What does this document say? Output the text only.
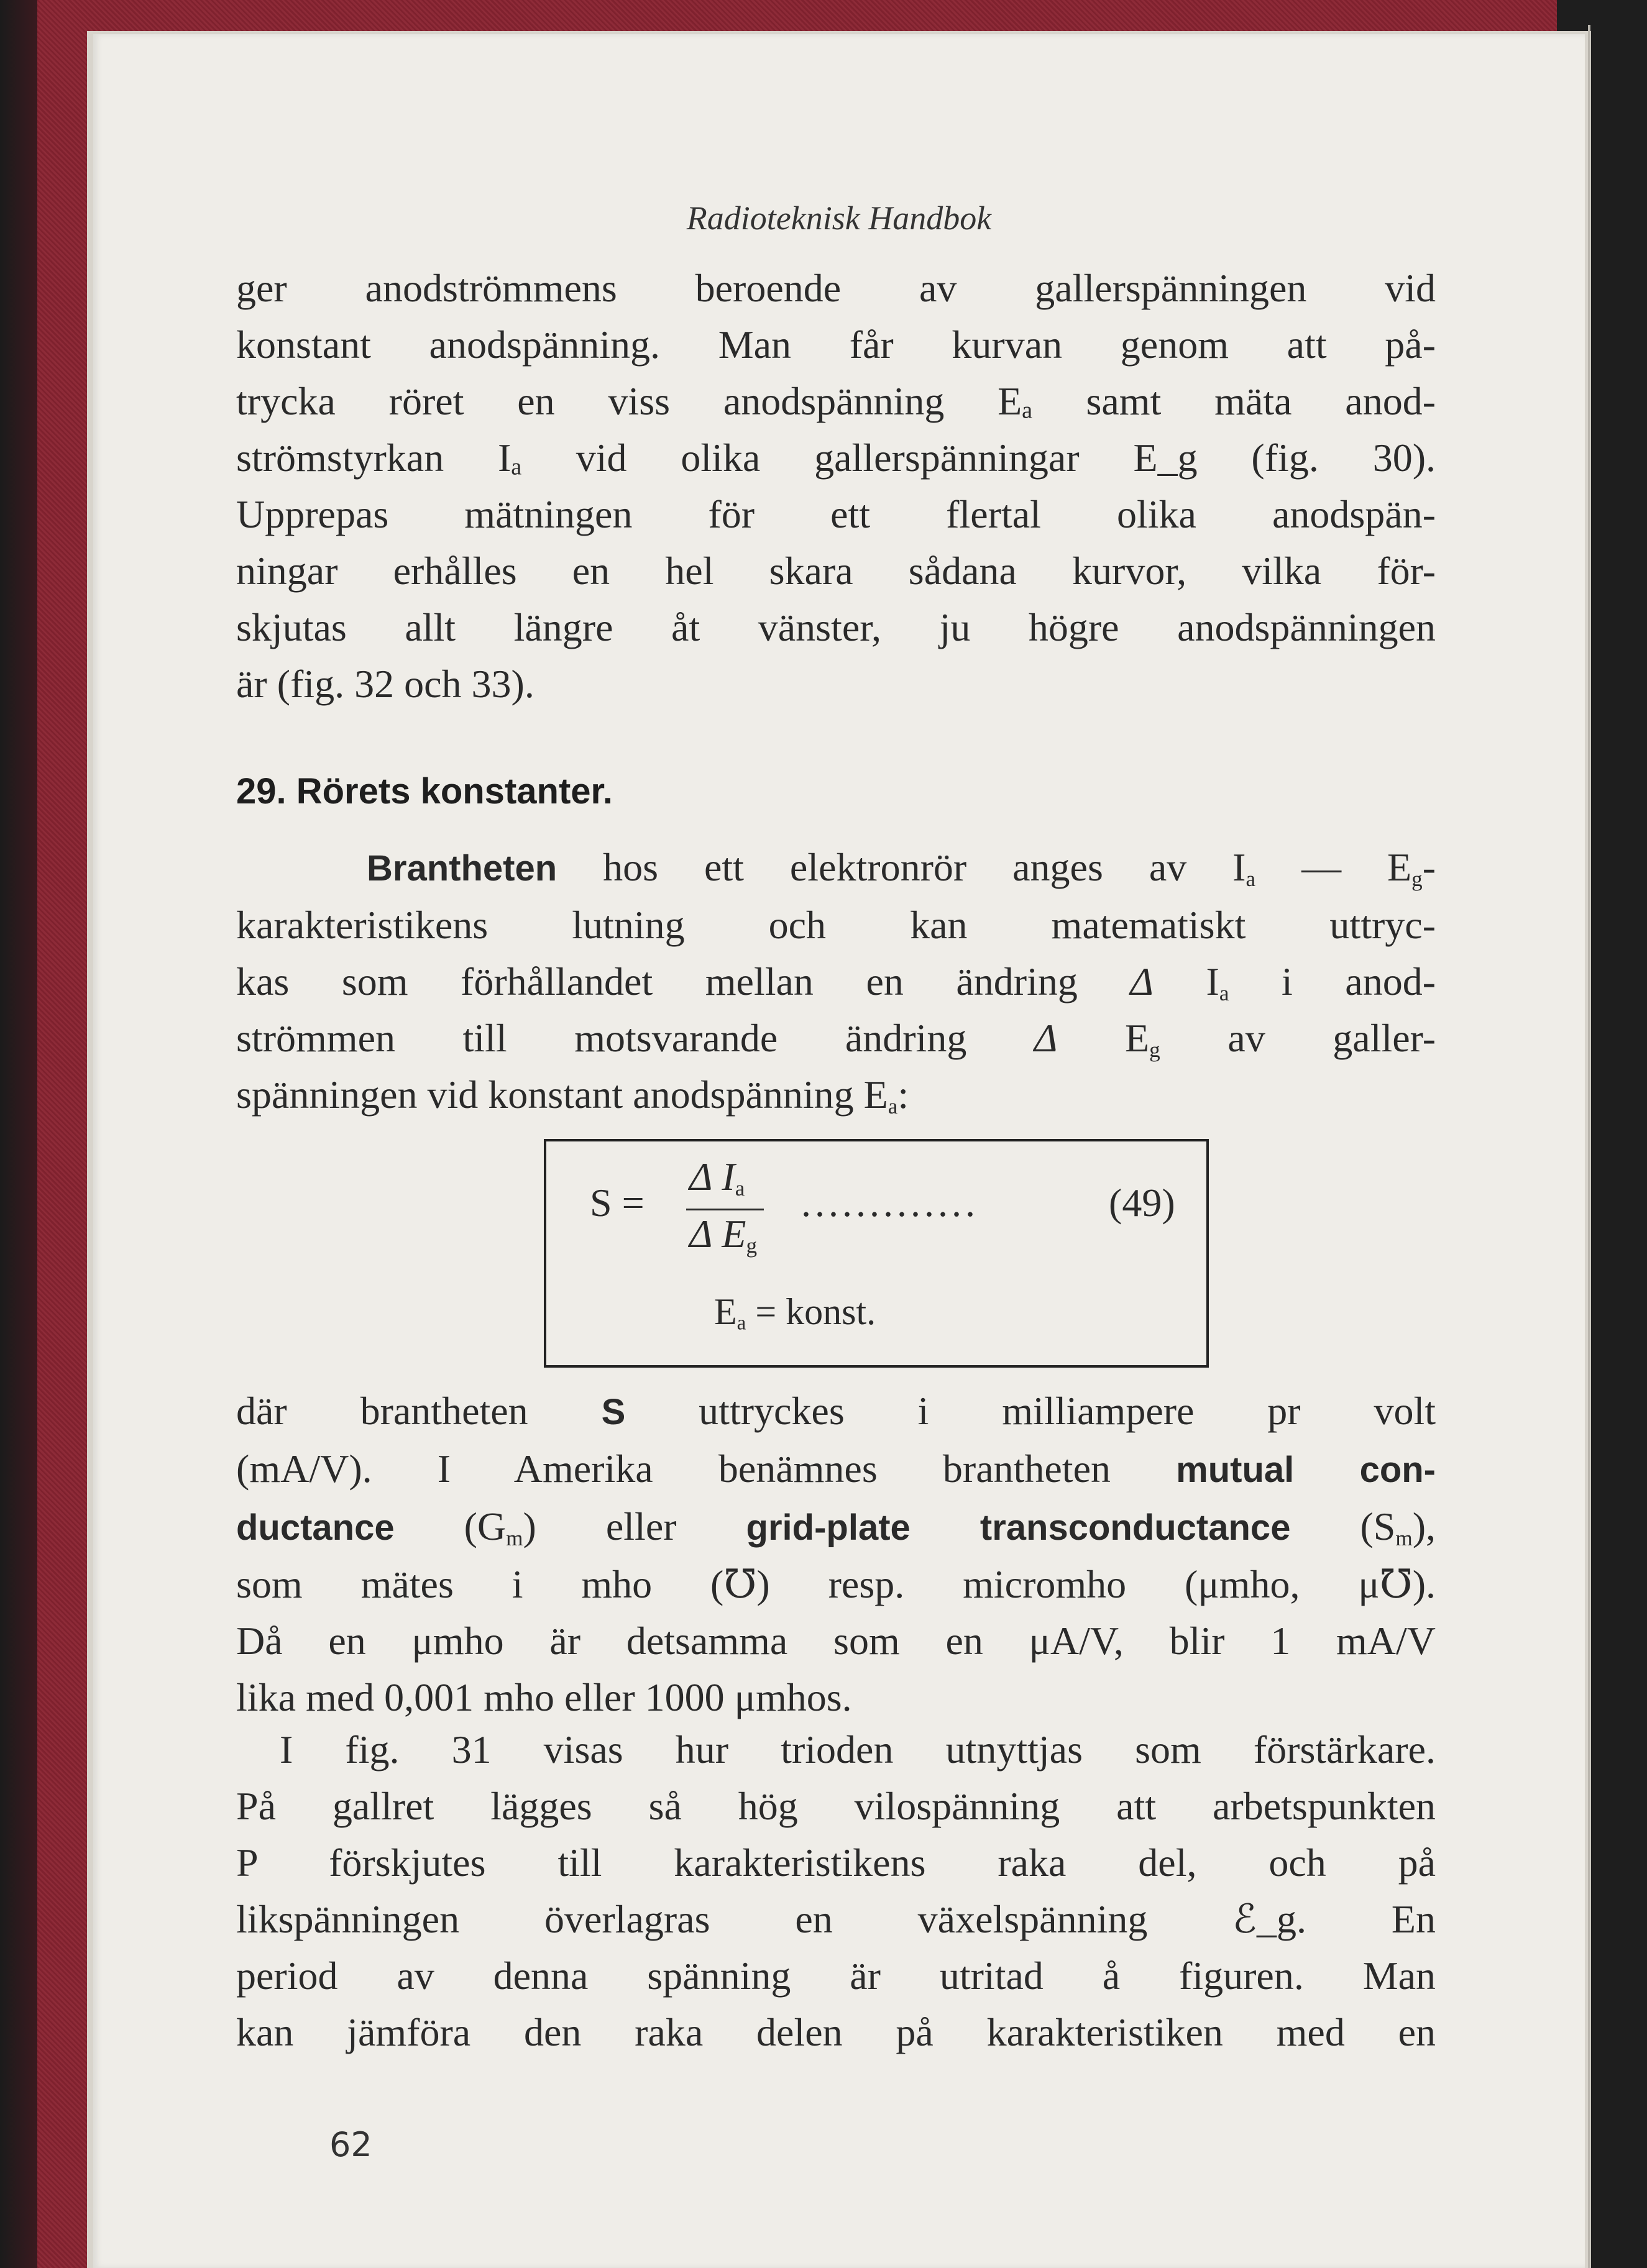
Radioteknisk Handbok
ger anodströmmens beroende av gallerspänningen vid
konstant anodspänning. Man får kurvan genom att på-
trycka röret en viss anodspänning Eₐ samt mäta anod-
strömstyrkan Iₐ vid olika gallerspänningar E_g (fig. 30).
Upprepas mätningen för ett flertal olika anodspän-
ningar erhålles en hel skara sådana kurvor, vilka för-
skjutas allt längre åt vänster, ju högre anodspänningen
är (fig. 32 och 33).
29. Rörets konstanter.
Brantheten hos ett elektronrör anges av $I_a$ — $E_g-$
karakteristikens lutning och kan matematiskt uttryc-
kas som förhållandet mellan en ändring Δ $I_a$ i anod-
strömmen till motsvarande ändring Δ $E_g$ av galler-
spänningen vid konstant anodspänning $E_a$:
S =
Δ $I_a$
Δ $E_g$
.............	(49)
$E_a$ = konst.
där brantheten S uttryckes i milliampere pr volt
(mA/V). I Amerika benämnes brantheten mutual con-
ductance $(G_m)$ eller grid-plate transconductance $(S_m)$,
som mätes i mho (℧) resp. micromho (μmho, μ℧).
Då en μmho är detsamma som en μA/V, blir 1 mA/V
lika med 0,001 mho eller 1000 μmhos.
I fig. 31 visas hur trioden utnyttjas som förstärkare.
På gallret lägges så hög vilospänning att arbetspunkten
P förskjutes till karakteristikens raka del, och på
likspänningen överlagras en växelspänning ℰ_g. En
period av denna spänning är utritad å figuren. Man
kan jämföra den raka delen på karakteristiken med en
62
